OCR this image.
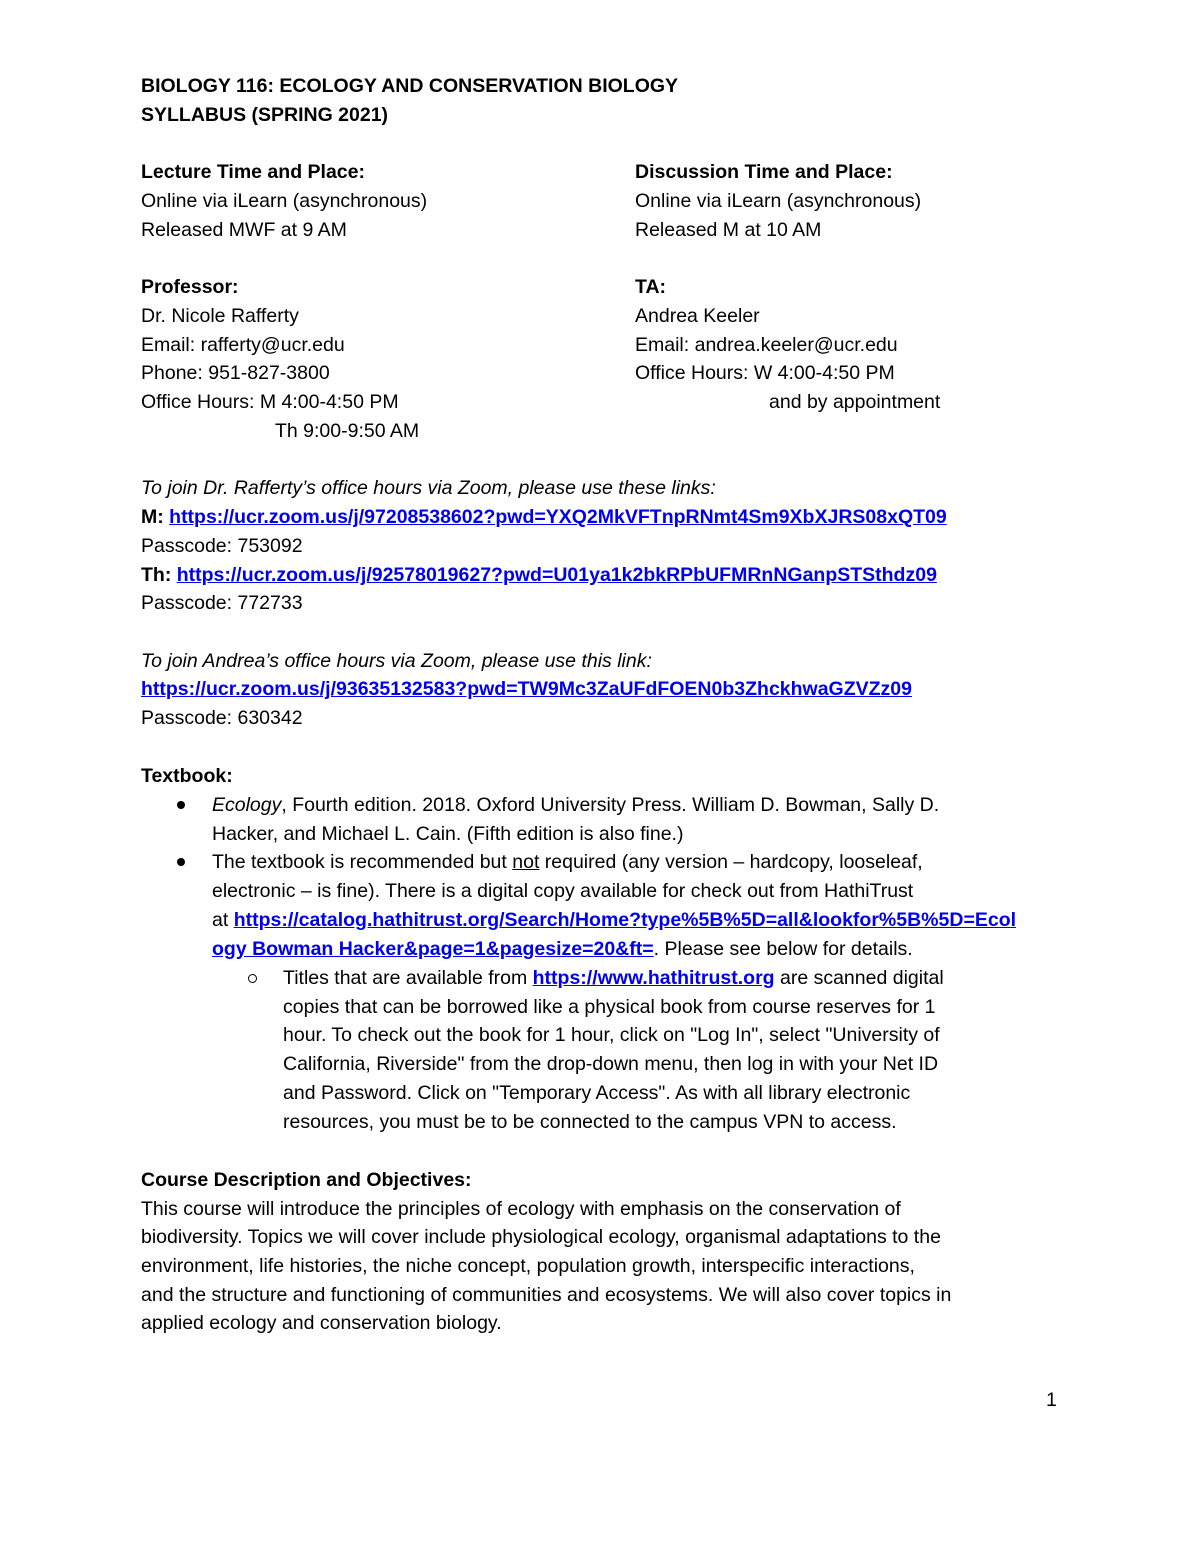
BIOLOGY 116: ECOLOGY AND CONSERVATION BIOLOGY
SYLLABUS (SPRING 2021)
Lecture Time and Place:
Online via iLearn (asynchronous)
Released MWF at 9 AM
Discussion Time and Place:
Online via iLearn (asynchronous)
Released M at 10 AM
Professor:
Dr. Nicole Rafferty
Email: rafferty@ucr.edu
Phone: 951-827-3800
Office Hours: M 4:00-4:50 PM
Th 9:00-9:50 AM
TA:
Andrea Keeler
Email: andrea.keeler@ucr.edu
Office Hours: W 4:00-4:50 PM
and by appointment
To join Dr. Rafferty’s office hours via Zoom, please use these links:
M: https://ucr.zoom.us/j/97208538602?pwd=YXQ2MkVFTnpRNmt4Sm9XbXJRS08xQT09
Passcode: 753092
Th: https://ucr.zoom.us/j/92578019627?pwd=U01ya1k2bkRPbUFMRnNGanpSTSthdz09
Passcode: 772733
To join Andrea’s office hours via Zoom, please use this link:
https://ucr.zoom.us/j/93635132583?pwd=TW9Mc3ZaUFdFOEN0b3ZhckhwaGZVZz09
Passcode: 630342
Textbook:
Ecology, Fourth edition. 2018. Oxford University Press. William D. Bowman, Sally D.
Hacker, and Michael L. Cain. (Fifth edition is also fine.)
The textbook is recommended but not required (any version – hardcopy, looseleaf,
electronic – is fine). There is a digital copy available for check out from HathiTrust
at https://catalog.hathitrust.org/Search/Home?type%5B%5D=all&lookfor%5B%5D=Ecol
ogy Bowman Hacker&page=1&pagesize=20&ft=. Please see below for details.
Titles that are available from https://www.hathitrust.org are scanned digital
copies that can be borrowed like a physical book from course reserves for 1
hour. To check out the book for 1 hour, click on "Log In", select "University of
California, Riverside" from the drop-down menu, then log in with your Net ID
and Password. Click on "Temporary Access". As with all library electronic
resources, you must be to be connected to the campus VPN to access.
Course Description and Objectives:
This course will introduce the principles of ecology with emphasis on the conservation of
biodiversity. Topics we will cover include physiological ecology, organismal adaptations to the
environment, life histories, the niche concept, population growth, interspecific interactions,
and the structure and functioning of communities and ecosystems. We will also cover topics in
applied ecology and conservation biology.
1
